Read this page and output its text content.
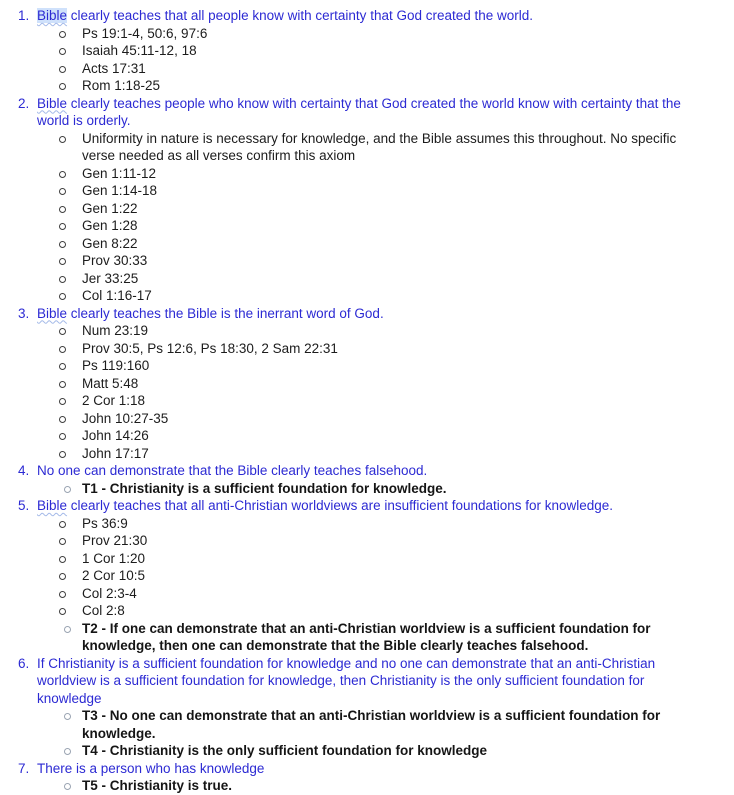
1. Bible clearly teaches that all people know with certainty that God created the world.
Ps 19:1-4, 50:6, 97:6
Isaiah 45:11-12, 18
Acts 17:31
Rom 1:18-25
2. Bible clearly teaches people who know with certainty that God created the world know with certainty that the world is orderly.
Uniformity in nature is necessary for knowledge, and the Bible assumes this throughout. No specific verse needed as all verses confirm this axiom
Gen 1:11-12
Gen 1:14-18
Gen 1:22
Gen 1:28
Gen 8:22
Prov 30:33
Jer 33:25
Col 1:16-17
3. Bible clearly teaches the Bible is the inerrant word of God.
Num 23:19
Prov 30:5, Ps 12:6, Ps 18:30, 2 Sam 22:31
Ps 119:160
Matt 5:48
2 Cor 1:18
John 10:27-35
John 14:26
John 17:17
4. No one can demonstrate that the Bible clearly teaches falsehood.
T1 - Christianity is a sufficient foundation for knowledge.
5. Bible clearly teaches that all anti-Christian worldviews are insufficient foundations for knowledge.
Ps 36:9
Prov 21:30
1 Cor 1:20
2 Cor 10:5
Col 2:3-4
Col 2:8
T2 - If one can demonstrate that an anti-Christian worldview is a sufficient foundation for knowledge, then one can demonstrate that the Bible clearly teaches falsehood.
6. If Christianity is a sufficient foundation for knowledge and no one can demonstrate that an anti-Christian worldview is a sufficient foundation for knowledge, then Christianity is the only sufficient foundation for knowledge
T3 - No one can demonstrate that an anti-Christian worldview is a sufficient foundation for knowledge.
T4 - Christianity is the only sufficient foundation for knowledge
7. There is a person who has knowledge
T5 - Christianity is true.
